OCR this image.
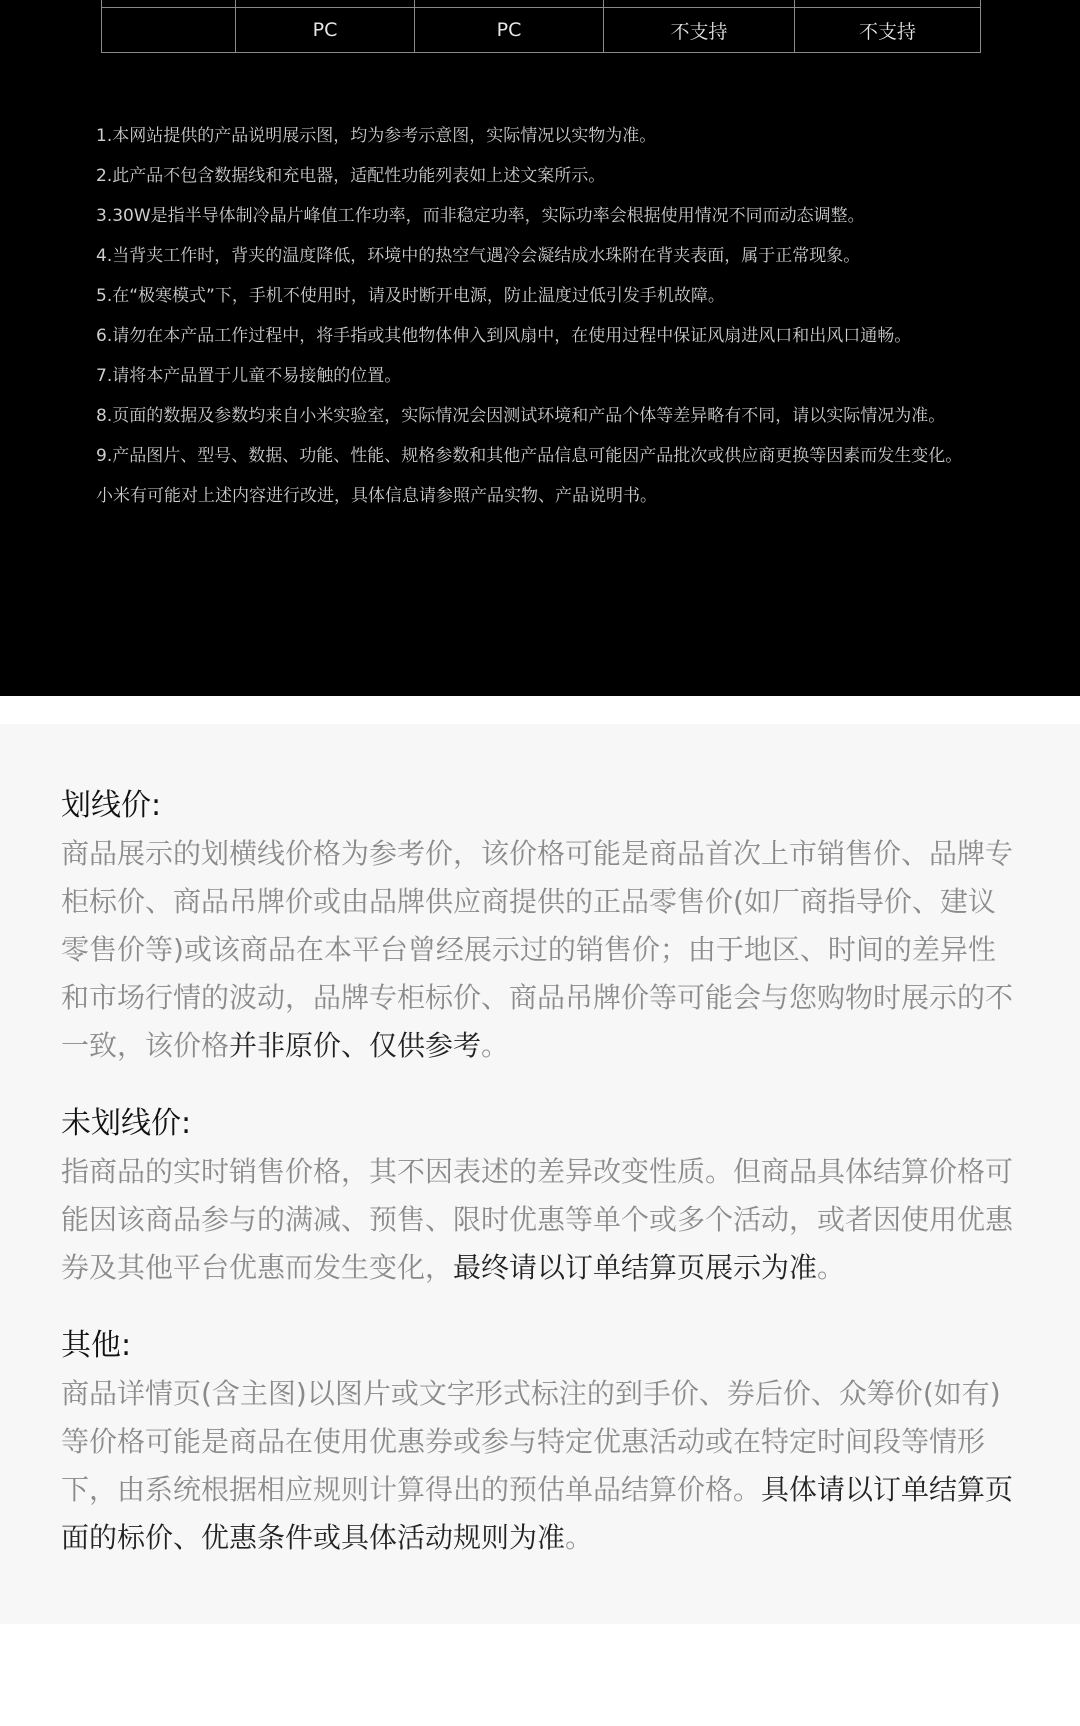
	PC	PC	不支持	不支持
1.本网站提供的产品说明展示图，均为参考示意图，实际情况以实物为准。
2.此产品不包含数据线和充电器，适配性功能列表如上述文案所示。
3.30W是指半导体制冷晶片峰值工作功率，而非稳定功率，实际功率会根据使用情况不同而动态调整。
4.当背夹工作时，背夹的温度降低，环境中的热空气遇冷会凝结成水珠附在背夹表面，属于正常现象。
5.在“极寒模式”下，手机不使用时，请及时断开电源，防止温度过低引发手机故障。
6.请勿在本产品工作过程中，将手指或其他物体伸入到风扇中，在使用过程中保证风扇进风口和出风口通畅。
7.请将本产品置于儿童不易接触的位置。
8.页面的数据及参数均来自小米实验室，实际情况会因测试环境和产品个体等差异略有不同，请以实际情况为准。
9.产品图片、型号、数据、功能、性能、规格参数和其他产品信息可能因产品批次或供应商更换等因素而发生变化。
小米有可能对上述内容进行改进，具体信息请参照产品实物、产品说明书。
划线价:

商品展示的划横线价格为参考价，该价格可能是商品首次上市销售价、品牌专柜标价、商品吊牌价或由品牌供应商提供的正品零售价(如厂商指导价、建议零售价等)或该商品在本平台曾经展示过的销售价；由于地区、时间的差异性和市场行情的波动，品牌专柜标价、商品吊牌价等可能会与您购物时展示的不一致，该价格并非原价、仅供参考。

未划线价:

指商品的实时销售价格，其不因表述的差异改变性质。但商品具体结算价格可能因该商品参与的满减、预售、限时优惠等单个或多个活动，或者因使用优惠券及其他平台优惠而发生变化，最终请以订单结算页展示为准。

其他:

商品详情页(含主图)以图片或文字形式标注的到手价、券后价、众筹价(如有)等价格可能是商品在使用优惠券或参与特定优惠活动或在特定时间段等情形下，由系统根据相应规则计算得出的预估单品结算价格。具体请以订单结算页面的标价、优惠条件或具体活动规则为准。
